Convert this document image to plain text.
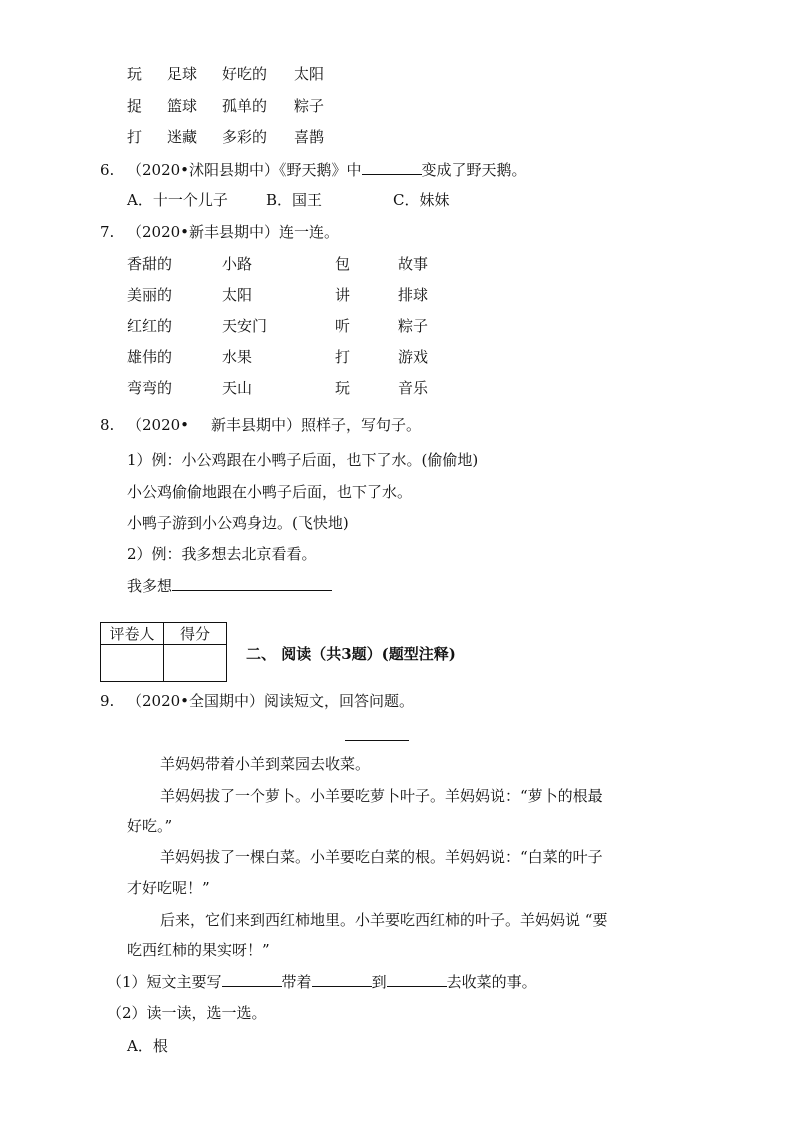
玩 足球 好吃的 太阳
捉 篮球 孤单的 粽子
打 迷藏 多彩的 喜鹊
6. （2020•沭阳县期中）《野天鹅》中	变成了野天鹅。
A．十一个儿子	B．国王	C．妹妹
7. （2020•新丰县期中）连一连。
香甜的	小路	包	故事
美丽的	太阳	讲	排球
红红的	天安门	听	粽子
雄伟的	水果	打	游戏
弯弯的	天山	玩	音乐
8. （2020• 新丰县期中）照样子，写句子。
1）例：小公鸡跟在小鸭子后面，也下了水。(偷偷地)
小公鸡偷偷地跟在小鸭子后面，也下了水。
小鸭子游到小公鸡身边。(飞快地)
2）例：我多想去北京看看。
我多想
评卷人	得分

二、 阅读（共3题）(题型注释)
9. （2020•全国期中）阅读短文，回答问题。
羊妈妈带着小羊到菜园去收菜。
羊妈妈拔了一个萝卜。小羊要吃萝卜叶子。羊妈妈说：“萝卜的根最
好吃。”
羊妈妈拔了一棵白菜。小羊要吃白菜的根。羊妈妈说：“白菜的叶子
才好吃呢！”
后来，它们来到西红柿地里。小羊要吃西红柿的叶子。羊妈妈说 “要
吃西红柿的果实呀！”
（1）短文主要写	带着	到	去收菜的事。
（2）读一读，选一选。
A．根
